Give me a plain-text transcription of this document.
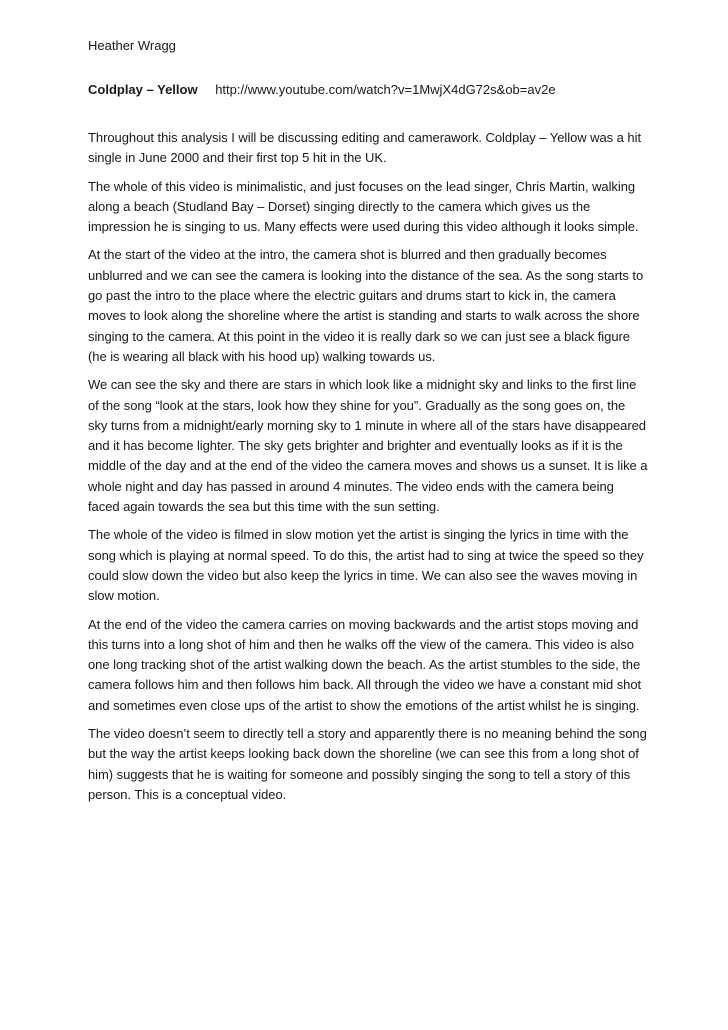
Heather Wragg

Coldplay – Yellow http://www.youtube.com/watch?v=1MwjX4dG72s&ob=av2e

Throughout this analysis I will be discussing editing and camerawork. Coldplay – Yellow was a hit single in June 2000 and their first top 5 hit in the UK.

The whole of this video is minimalistic, and just focuses on the lead singer, Chris Martin, walking along a beach (Studland Bay – Dorset) singing directly to the camera which gives us the impression he is singing to us. Many effects were used during this video although it looks simple.

At the start of the video at the intro, the camera shot is blurred and then gradually becomes unblurred and we can see the camera is looking into the distance of the sea. As the song starts to go past the intro to the place where the electric guitars and drums start to kick in, the camera moves to look along the shoreline where the artist is standing and starts to walk across the shore singing to the camera. At this point in the video it is really dark so we can just see a black figure (he is wearing all black with his hood up) walking towards us.

We can see the sky and there are stars in which look like a midnight sky and links to the first line of the song “look at the stars, look how they shine for you”. Gradually as the song goes on, the sky turns from a midnight/early morning sky to 1 minute in where all of the stars have disappeared and it has become lighter. The sky gets brighter and brighter and eventually looks as if it is the middle of the day and at the end of the video the camera moves and shows us a sunset. It is like a whole night and day has passed in around 4 minutes. The video ends with the camera being faced again towards the sea but this time with the sun setting.

The whole of the video is filmed in slow motion yet the artist is singing the lyrics in time with the song which is playing at normal speed. To do this, the artist had to sing at twice the speed so they could slow down the video but also keep the lyrics in time. We can also see the waves moving in slow motion.

At the end of the video the camera carries on moving backwards and the artist stops moving and this turns into a long shot of him and then he walks off the view of the camera. This video is also one long tracking shot of the artist walking down the beach. As the artist stumbles to the side, the camera follows him and then follows him back. All through the video we have a constant mid shot and sometimes even close ups of the artist to show the emotions of the artist whilst he is singing.

The video doesn’t seem to directly tell a story and apparently there is no meaning behind the song but the way the artist keeps looking back down the shoreline (we can see this from a long shot of him) suggests that he is waiting for someone and possibly singing the song to tell a story of this person. This is a conceptual video.
